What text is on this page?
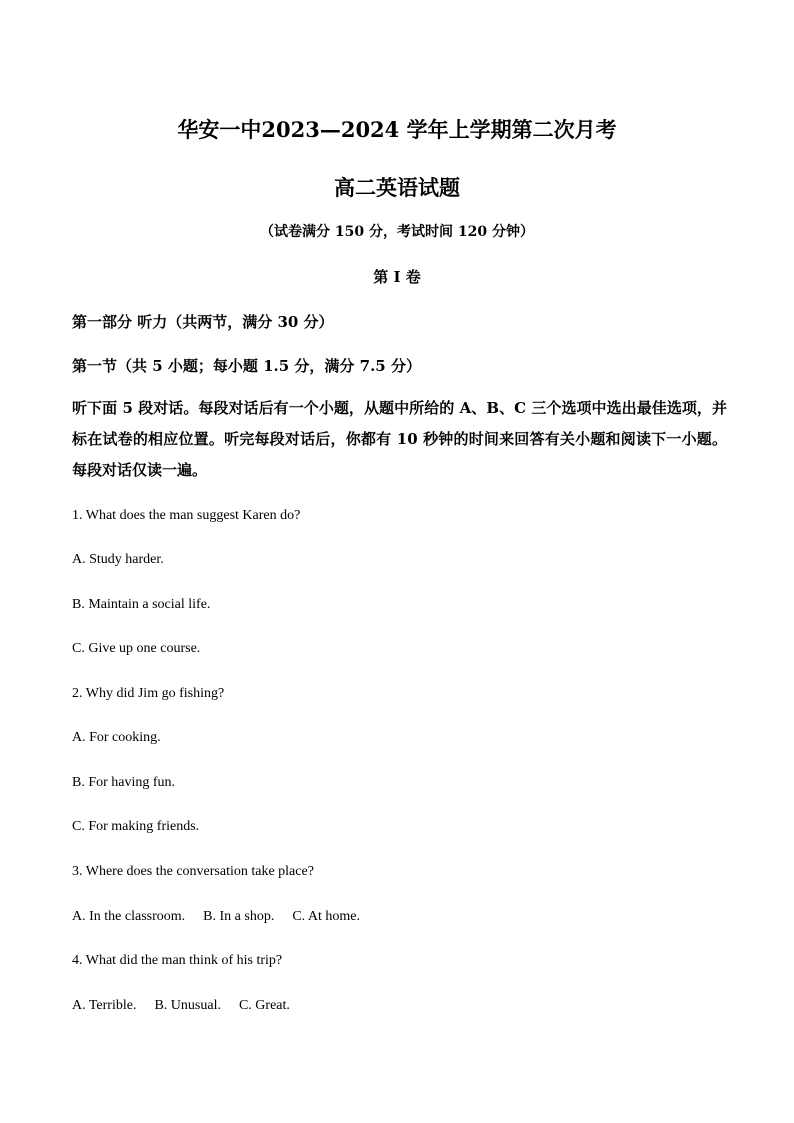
华安一中2023—2024 学年上学期第二次月考
高二英语试题
（试卷满分 150 分，考试时间 120 分钟）
第 I 卷
第一部分 听力（共两节，满分 30 分）
第一节（共 5 小题；每小题 1.5 分，满分 7.5 分）
听下面 5 段对话。每段对话后有一个小题，从题中所给的 A、B、C 三个选项中选出最佳选项，并标在试卷的相应位置。听完每段对话后，你都有 10 秒钟的时间来回答有关小题和阅读下一小题。每段对话仅读一遍。
1. What does the man suggest Karen do?
A. Study harder.
B. Maintain a social life.
C. Give up one course.
2. Why did Jim go fishing?
A. For cooking.
B. For having fun.
C. For making friends.
3. Where does the conversation take place?
A. In the classroom. B. In a shop. C. At home.
4. What did the man think of his trip?
A. Terrible. B. Unusual. C. Great.
